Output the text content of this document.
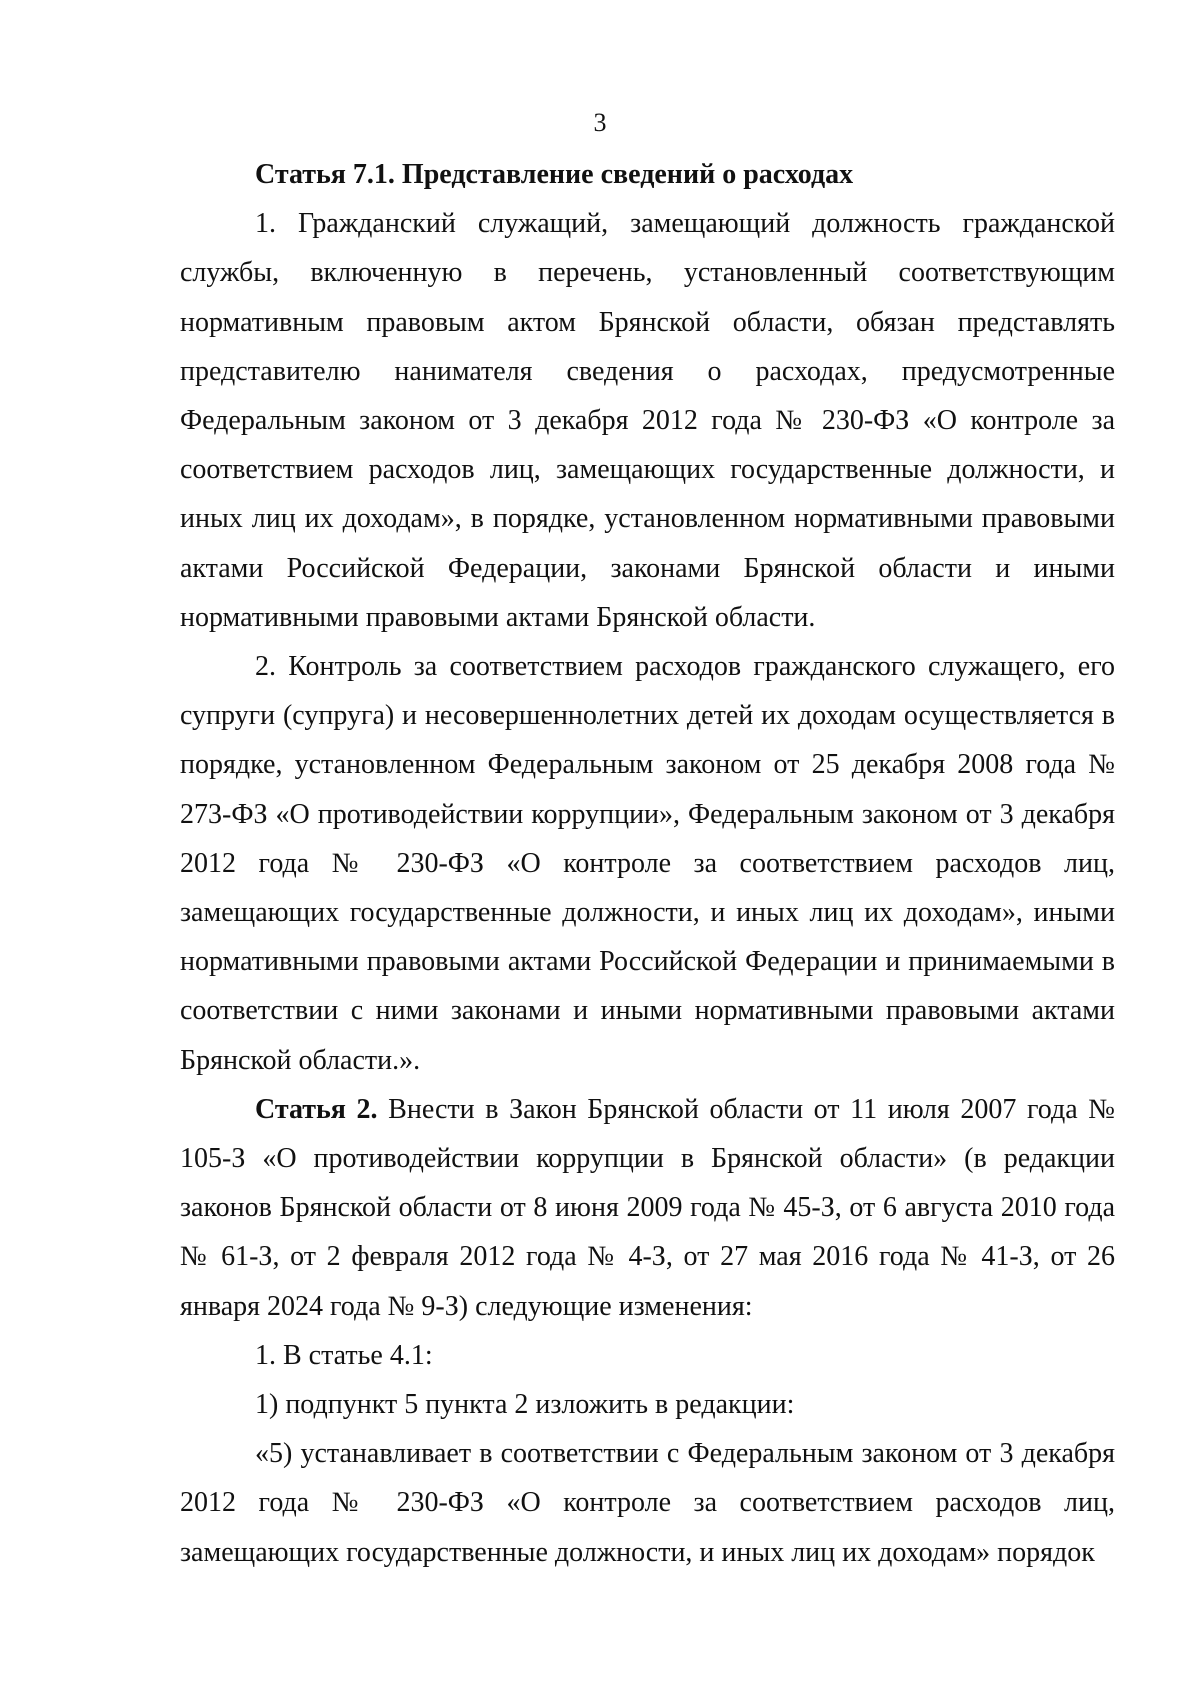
3

Статья 7.1. Представление сведений о расходах

1. Гражданский служащий, замещающий должность гражданской службы, включенную в перечень, установленный соответствующим нормативным правовым актом Брянской области, обязан представлять представителю нанимателя сведения о расходах, предусмотренные Федеральным законом от 3 декабря 2012 года № 230-ФЗ «О контроле за соответствием расходов лиц, замещающих государственные должности, и иных лиц их доходам», в порядке, установленном нормативными правовыми актами Российской Федерации, законами Брянской области и иными нормативными правовыми актами Брянской области.

2. Контроль за соответствием расходов гражданского служащего, его супруги (супруга) и несовершеннолетних детей их доходам осуществляется в порядке, установленном Федеральным законом от 25 декабря 2008 года № 273-ФЗ «О противодействии коррупции», Федеральным законом от 3 декабря 2012 года № 230-ФЗ «О контроле за соответствием расходов лиц, замещающих государственные должности, и иных лиц их доходам», иными нормативными правовыми актами Российской Федерации и принимаемыми в соответствии с ними законами и иными нормативными правовыми актами Брянской области.».

Статья 2. Внести в Закон Брянской области от 11 июля 2007 года № 105-З «О противодействии коррупции в Брянской области» (в редакции законов Брянской области от 8 июня 2009 года № 45-З, от 6 августа 2010 года № 61-З, от 2 февраля 2012 года № 4-З, от 27 мая 2016 года № 41-З, от 26 января 2024 года № 9-З) следующие изменения:

1. В статье 4.1:

1) подпункт 5 пункта 2 изложить в редакции:

«5) устанавливает в соответствии с Федеральным законом от 3 декабря 2012 года № 230-ФЗ «О контроле за соответствием расходов лиц, замещающих государственные должности, и иных лиц их доходам» порядок
